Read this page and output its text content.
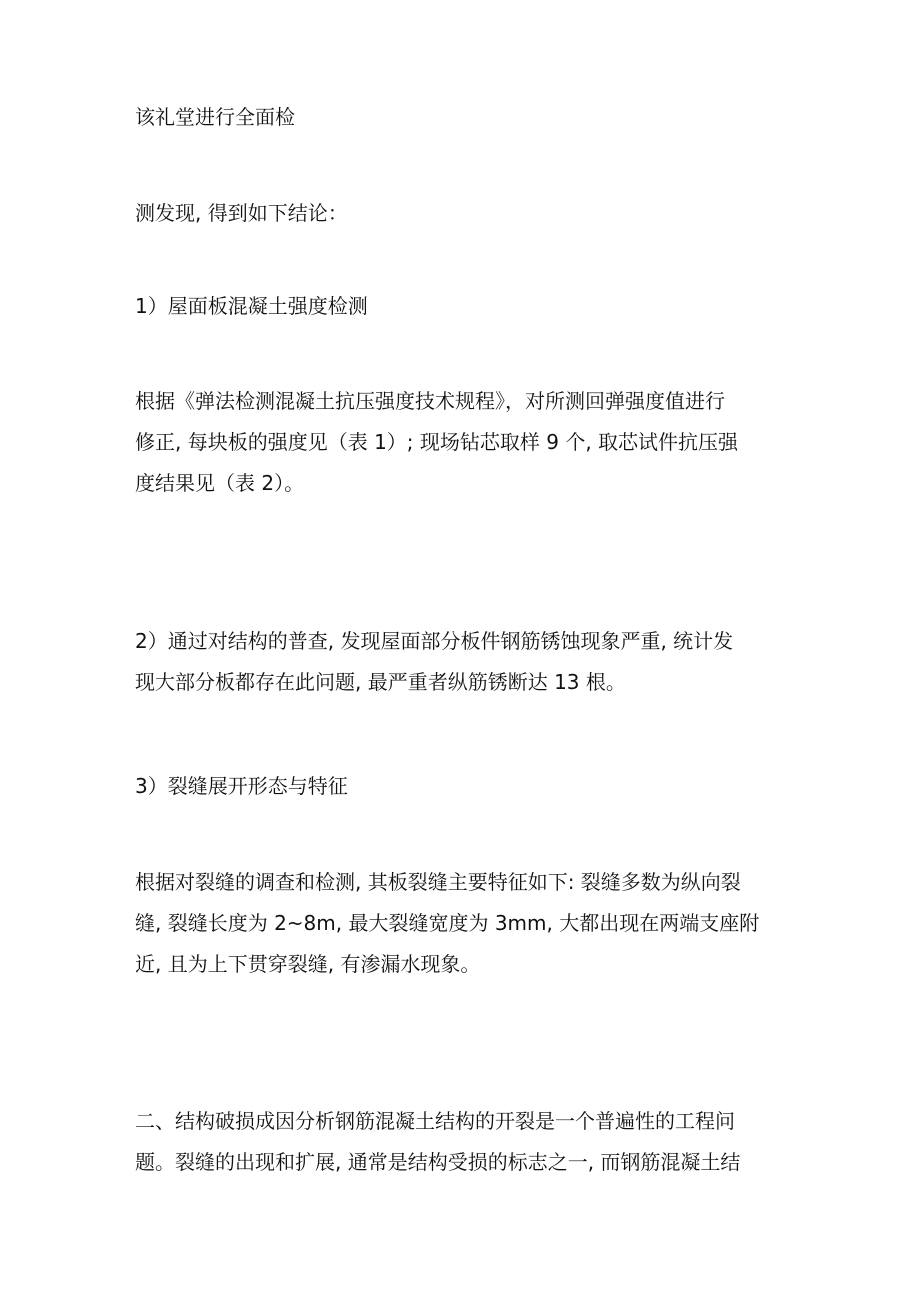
该礼堂进行全面检
测发现, 得到如下结论：
1）屋面板混凝土强度检测
根据《弹法检测混凝土抗压强度技术规程》，对所测回弹强度值进行
修正, 每块板的强度见（表 1）; 现场钻芯取样 9 个, 取芯试件抗压强
度结果见（表 2）。
2）通过对结构的普查, 发现屋面部分板件钢筋锈蚀现象严重, 统计发
现大部分板都存在此问题, 最严重者纵筋锈断达 13 根。
3）裂缝展开形态与特征
根据对裂缝的调查和检测, 其板裂缝主要特征如下: 裂缝多数为纵向裂
缝, 裂缝长度为 2~8m, 最大裂缝宽度为 3mm, 大都出现在两端支座附
近, 且为上下贯穿裂缝, 有渗漏水现象。
二、结构破损成因分析钢筋混凝土结构的开裂是一个普遍性的工程问
题。裂缝的出现和扩展, 通常是结构受损的标志之一, 而钢筋混凝土结
